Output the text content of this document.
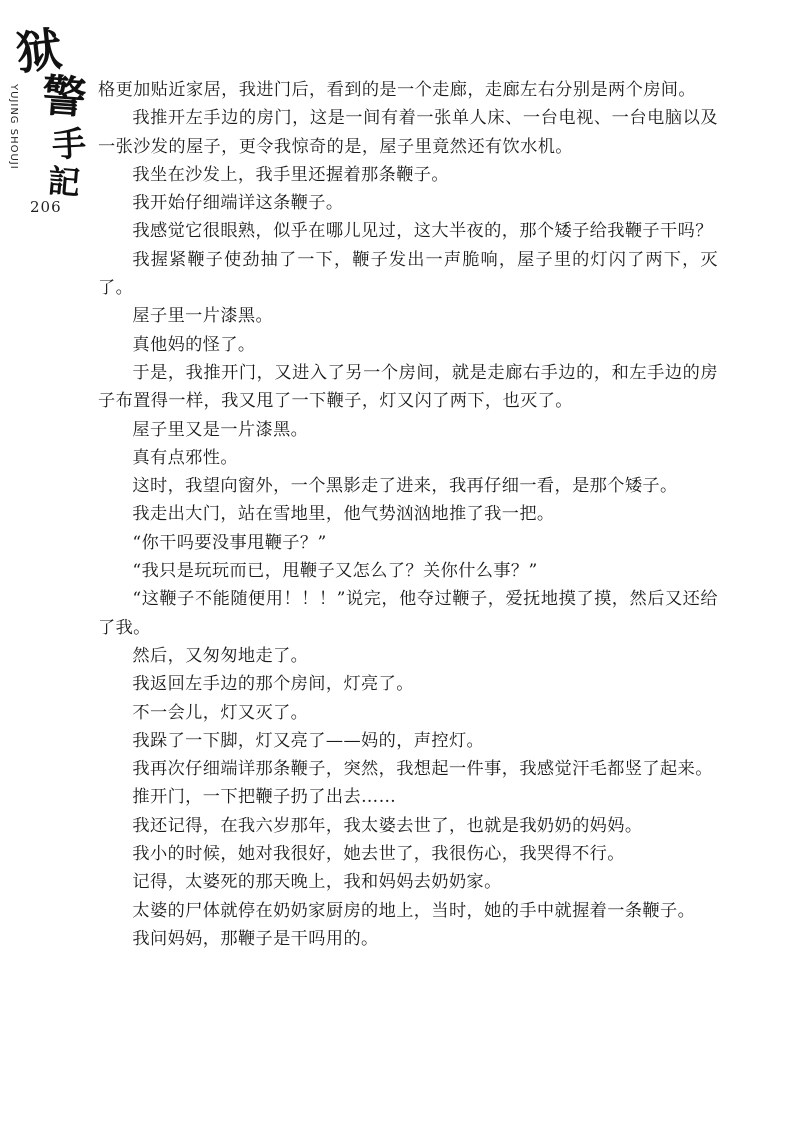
狱
警
手
記
YUJING SHOUJI
206

格更加贴近家居，我进门后，看到的是一个走廊，走廊左右分别是两个房间。

我推开左手边的房门，这是一间有着一张单人床、一台电视、一台电脑以及一张沙发的屋子，更令我惊奇的是，屋子里竟然还有饮水机。

我坐在沙发上，我手里还握着那条鞭子。

我开始仔细端详这条鞭子。

我感觉它很眼熟，似乎在哪儿见过，这大半夜的，那个矮子给我鞭子干吗？

我握紧鞭子使劲抽了一下，鞭子发出一声脆响，屋子里的灯闪了两下，灭了。

屋子里一片漆黑。

真他妈的怪了。

于是，我推开门，又进入了另一个房间，就是走廊右手边的，和左手边的房子布置得一样，我又甩了一下鞭子，灯又闪了两下，也灭了。

屋子里又是一片漆黑。

真有点邪性。

这时，我望向窗外，一个黑影走了进来，我再仔细一看，是那个矮子。

我走出大门，站在雪地里，他气势汹汹地推了我一把。

“你干吗要没事甩鞭子？”

“我只是玩玩而已，甩鞭子又怎么了？关你什么事？”

“这鞭子不能随便用！！！”说完，他夺过鞭子，爱抚地摸了摸，然后又还给了我。

然后，又匆匆地走了。

我返回左手边的那个房间，灯亮了。

不一会儿，灯又灭了。

我跺了一下脚，灯又亮了——妈的，声控灯。

我再次仔细端详那条鞭子，突然，我想起一件事，我感觉汗毛都竖了起来。

推开门，一下把鞭子扔了出去……

我还记得，在我六岁那年，我太婆去世了，也就是我奶奶的妈妈。

我小的时候，她对我很好，她去世了，我很伤心，我哭得不行。

记得，太婆死的那天晚上，我和妈妈去奶奶家。

太婆的尸体就停在奶奶家厨房的地上，当时，她的手中就握着一条鞭子。

我问妈妈，那鞭子是干吗用的。
